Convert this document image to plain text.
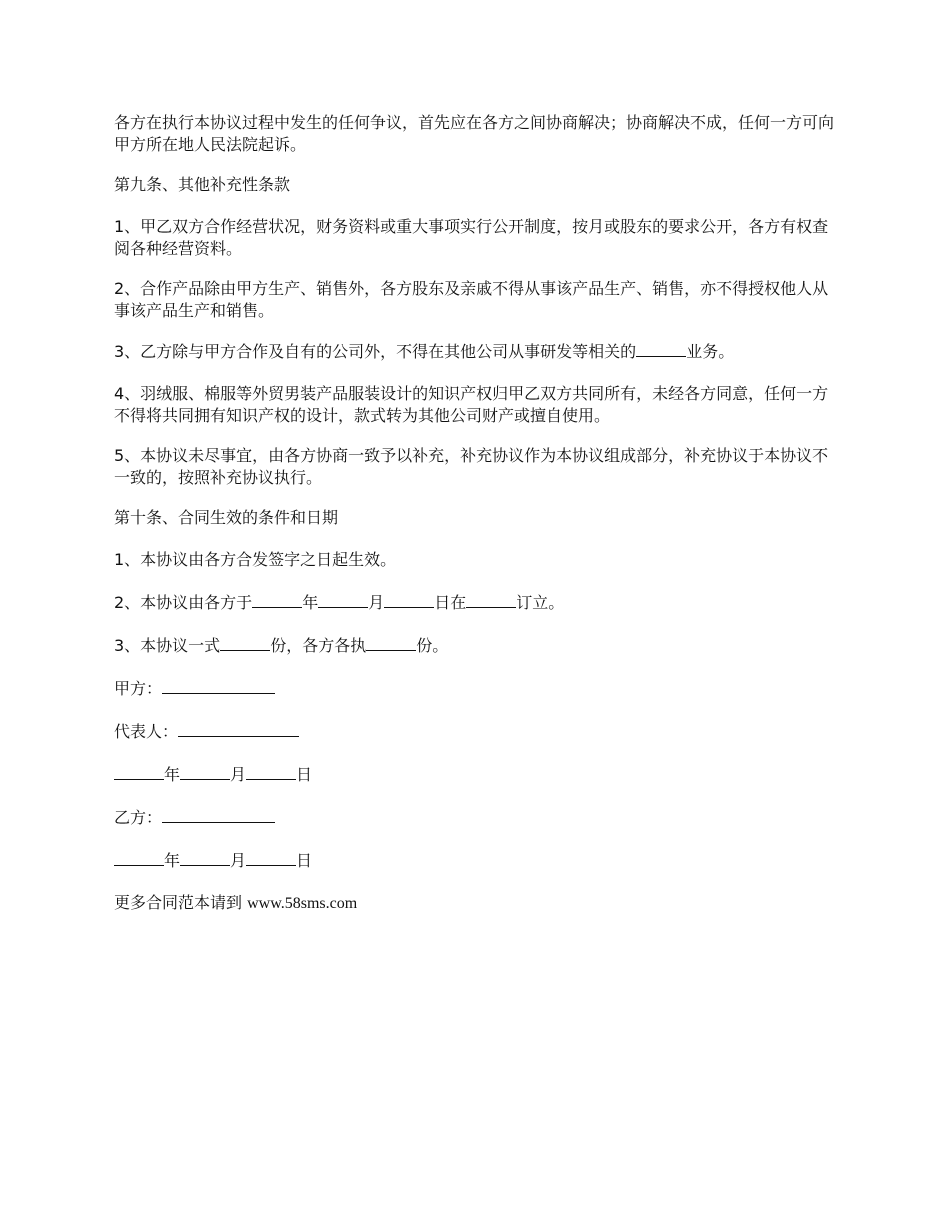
各方在执行本协议过程中发生的任何争议，首先应在各方之间协商解决；协商解决不成，任何一方可向甲方所在地人民法院起诉。

第九条、其他补充性条款

1、甲乙双方合作经营状况，财务资料或重大事项实行公开制度，按月或股东的要求公开，各方有权查阅各种经营资料。

2、合作产品除由甲方生产、销售外，各方股东及亲戚不得从事该产品生产、销售，亦不得授权他人从事该产品生产和销售。

3、乙方除与甲方合作及自有的公司外，不得在其他公司从事研发等相关的	业务。

4、羽绒服、棉服等外贸男装产品服装设计的知识产权归甲乙双方共同所有，未经各方同意，任何一方不得将共同拥有知识产权的设计，款式转为其他公司财产或擅自使用。

5、本协议未尽事宜，由各方协商一致予以补充，补充协议作为本协议组成部分，补充协议于本协议不一致的，按照补充协议执行。

第十条、合同生效的条件和日期

1、本协议由各方合发签字之日起生效。

2、本协议由各方于	年	月	日在	订立。

3、本协议一式	份，各方各执	份。

甲方：

代表人：

年	月	日

乙方：

年	月	日

更多合同范本请到 www.58sms.com
